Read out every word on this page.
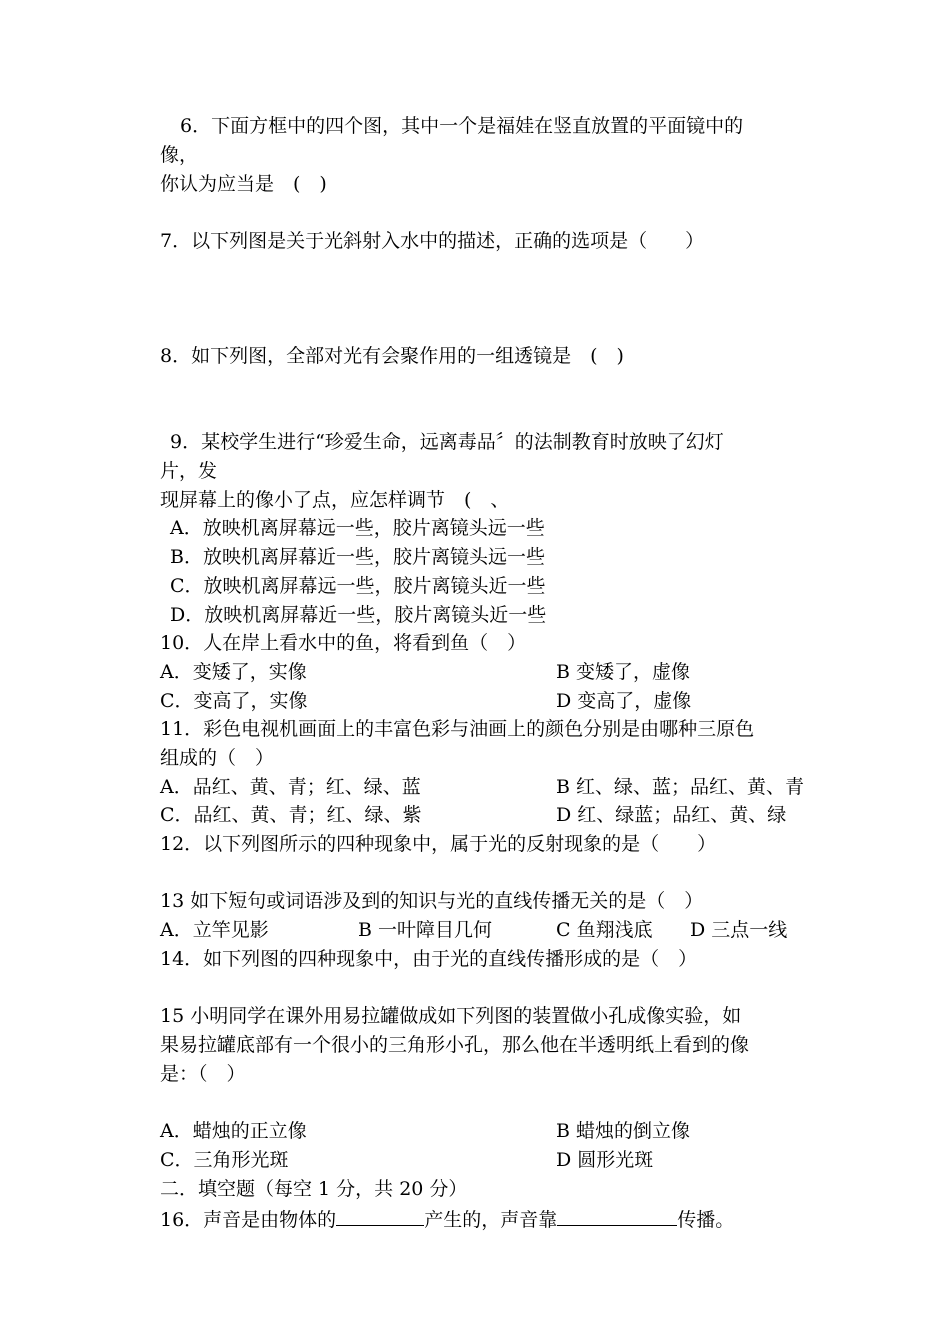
6．下面方框中的四个图，其中一个是福娃在竖直放置的平面镜中的
像，
你认为应当是　(　)
7．以下列图是关于光斜射入水中的描述，正确的选项是（　　）
8．如下列图，全部对光有会聚作用的一组透镜是　(　)
9．某校学生进行“珍爱生命，远离毒品〞的法制教育时放映了幻灯
片，发
现屏幕上的像小了点，应怎样调节　(　、
A．放映机离屏幕远一些，胶片离镜头远一些
B．放映机离屏幕近一些，胶片离镜头远一些
C．放映机离屏幕远一些，胶片离镜头近一些
D．放映机离屏幕近一些，胶片离镜头近一些
10．人在岸上看水中的鱼，将看到鱼（　）
A．变矮了，实像	B 变矮了，虚像
C．变高了，实像	D 变高了，虚像
11．彩色电视机画面上的丰富色彩与油画上的颜色分别是由哪种三原色
组成的（　）
A．品红、黄、青；红、绿、蓝	B 红、绿、蓝；品红、黄、青
C．品红、黄、青；红、绿、紫	D 红、绿蓝；品红、黄、绿
12．以下列图所示的四种现象中，属于光的反射现象的是（　　）
13 如下短句或词语涉及到的知识与光的直线传播无关的是（　）
A．立竿见影	B 一叶障目几何	C 鱼翔浅底 D 三点一线
14．如下列图的四种现象中，由于光的直线传播形成的是（　）
15 小明同学在课外用易拉罐做成如下列图的装置做小孔成像实验，如
果易拉罐底部有一个很小的三角形小孔，那么他在半透明纸上看到的像
是：（　）
A．蜡烛的正立像	B 蜡烛的倒立像
C．三角形光斑	D 圆形光斑
二．填空题（每空 1 分，共 20 分）
16．声音是由物体的	产生的，声音靠	传播。
